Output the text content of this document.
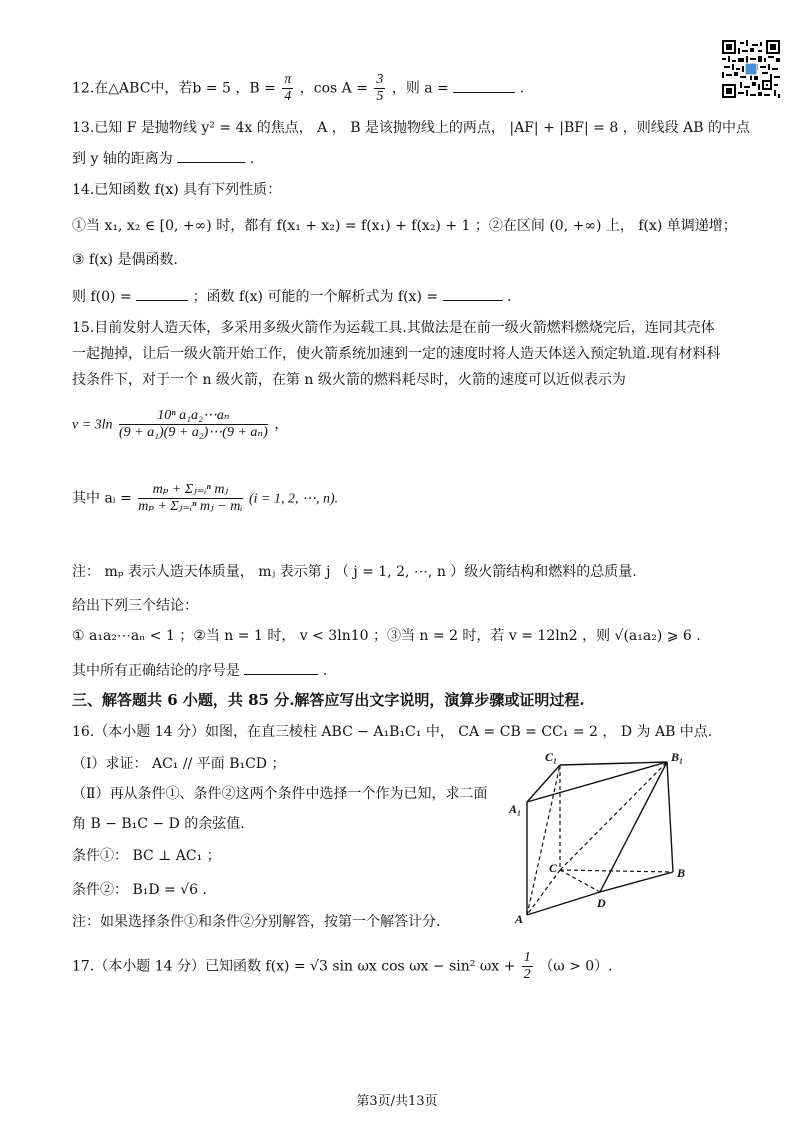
12.在△ABC中，若b = 5 ，$B = \frac{\pi}{4}$ ，$\cos A = \frac{3}{5}$ ，则 a =	.
13.已知 F 是抛物线 y² = 4x 的焦点， A ， B 是该抛物线上的两点， |AF| + |BF| = 8 ，则线段 AB 的中点
到 y 轴的距离为	.
14.已知函数 f(x) 具有下列性质：
①当 x₁, x₂ ∈ [0, +∞) 时，都有 f(x₁ + x₂) = f(x₁) + f(x₂) + 1 ；②在区间 (0, +∞) 上， f(x) 单调递增；
③ f(x) 是偶函数.
则 f(0) =	；函数 f(x) 可能的一个解析式为 f(x) =	.
15.目前发射人造天体，多采用多级火箭作为运载工具.其做法是在前一级火箭燃料燃烧完后，连同其壳体
一起抛掉，让后一级火箭开始工作，使火箭系统加速到一定的速度时将人造天体送入预定轨道.现有材料科
技条件下，对于一个 n 级火箭，在第 n 级火箭的燃料耗尽时，火箭的速度可以近似表示为
$v = 3\ln \frac{\text{10ⁿ a₁a₂⋯aₙ}}{\text{(9 + a₁)(9 + a₂)⋯(9 + aₙ)}}$ ，
其中 aᵢ = $\frac{\text{mₚ + Σⱼ₌ᵢⁿ mⱼ}}{\text{mₚ + Σⱼ₌ᵢⁿ mⱼ − mᵢ}} (i = 1$, 2, ⋯, n).
注： mₚ 表示人造天体质量， mⱼ 表示第 j （ j = 1, 2, ⋯, n ）级火箭结构和燃料的总质量.
给出下列三个结论：
① a₁a₂⋯aₙ < 1 ；②当 n = 1 时， v < 3ln10 ；③当 n = 2 时，若 v = 12ln2 ，则 √(a₁a₂) ⩾ 6 .
其中所有正确结论的序号是	.
三、解答题共 6 小题，共 85 分.解答应写出文字说明，演算步骤或证明过程.
16.（本小题 14 分）如图，在直三棱柱 ABC − A₁B₁C₁ 中， CA = CB = CC₁ = 2 ， D 为 AB 中点.
（Ⅰ）求证： AC₁ // 平面 B₁CD ；
（Ⅱ）再从条件①、条件②这两个条件中选择一个作为已知，求二面
角 B − B₁C − D 的余弦值.
条件①： BC ⊥ AC₁ ；
条件②： B₁D = √6 .
注：如果选择条件①和条件②分别解答，按第一个解答计分.
C₁	B₁
A₁
C	B
D
A
17.（本小题 14 分）已知函数 f(x) = √3 sin ωx cos ωx − sin² $\omega x + \frac{1}{2} (\omega > 0)$.
第3页/共13页
